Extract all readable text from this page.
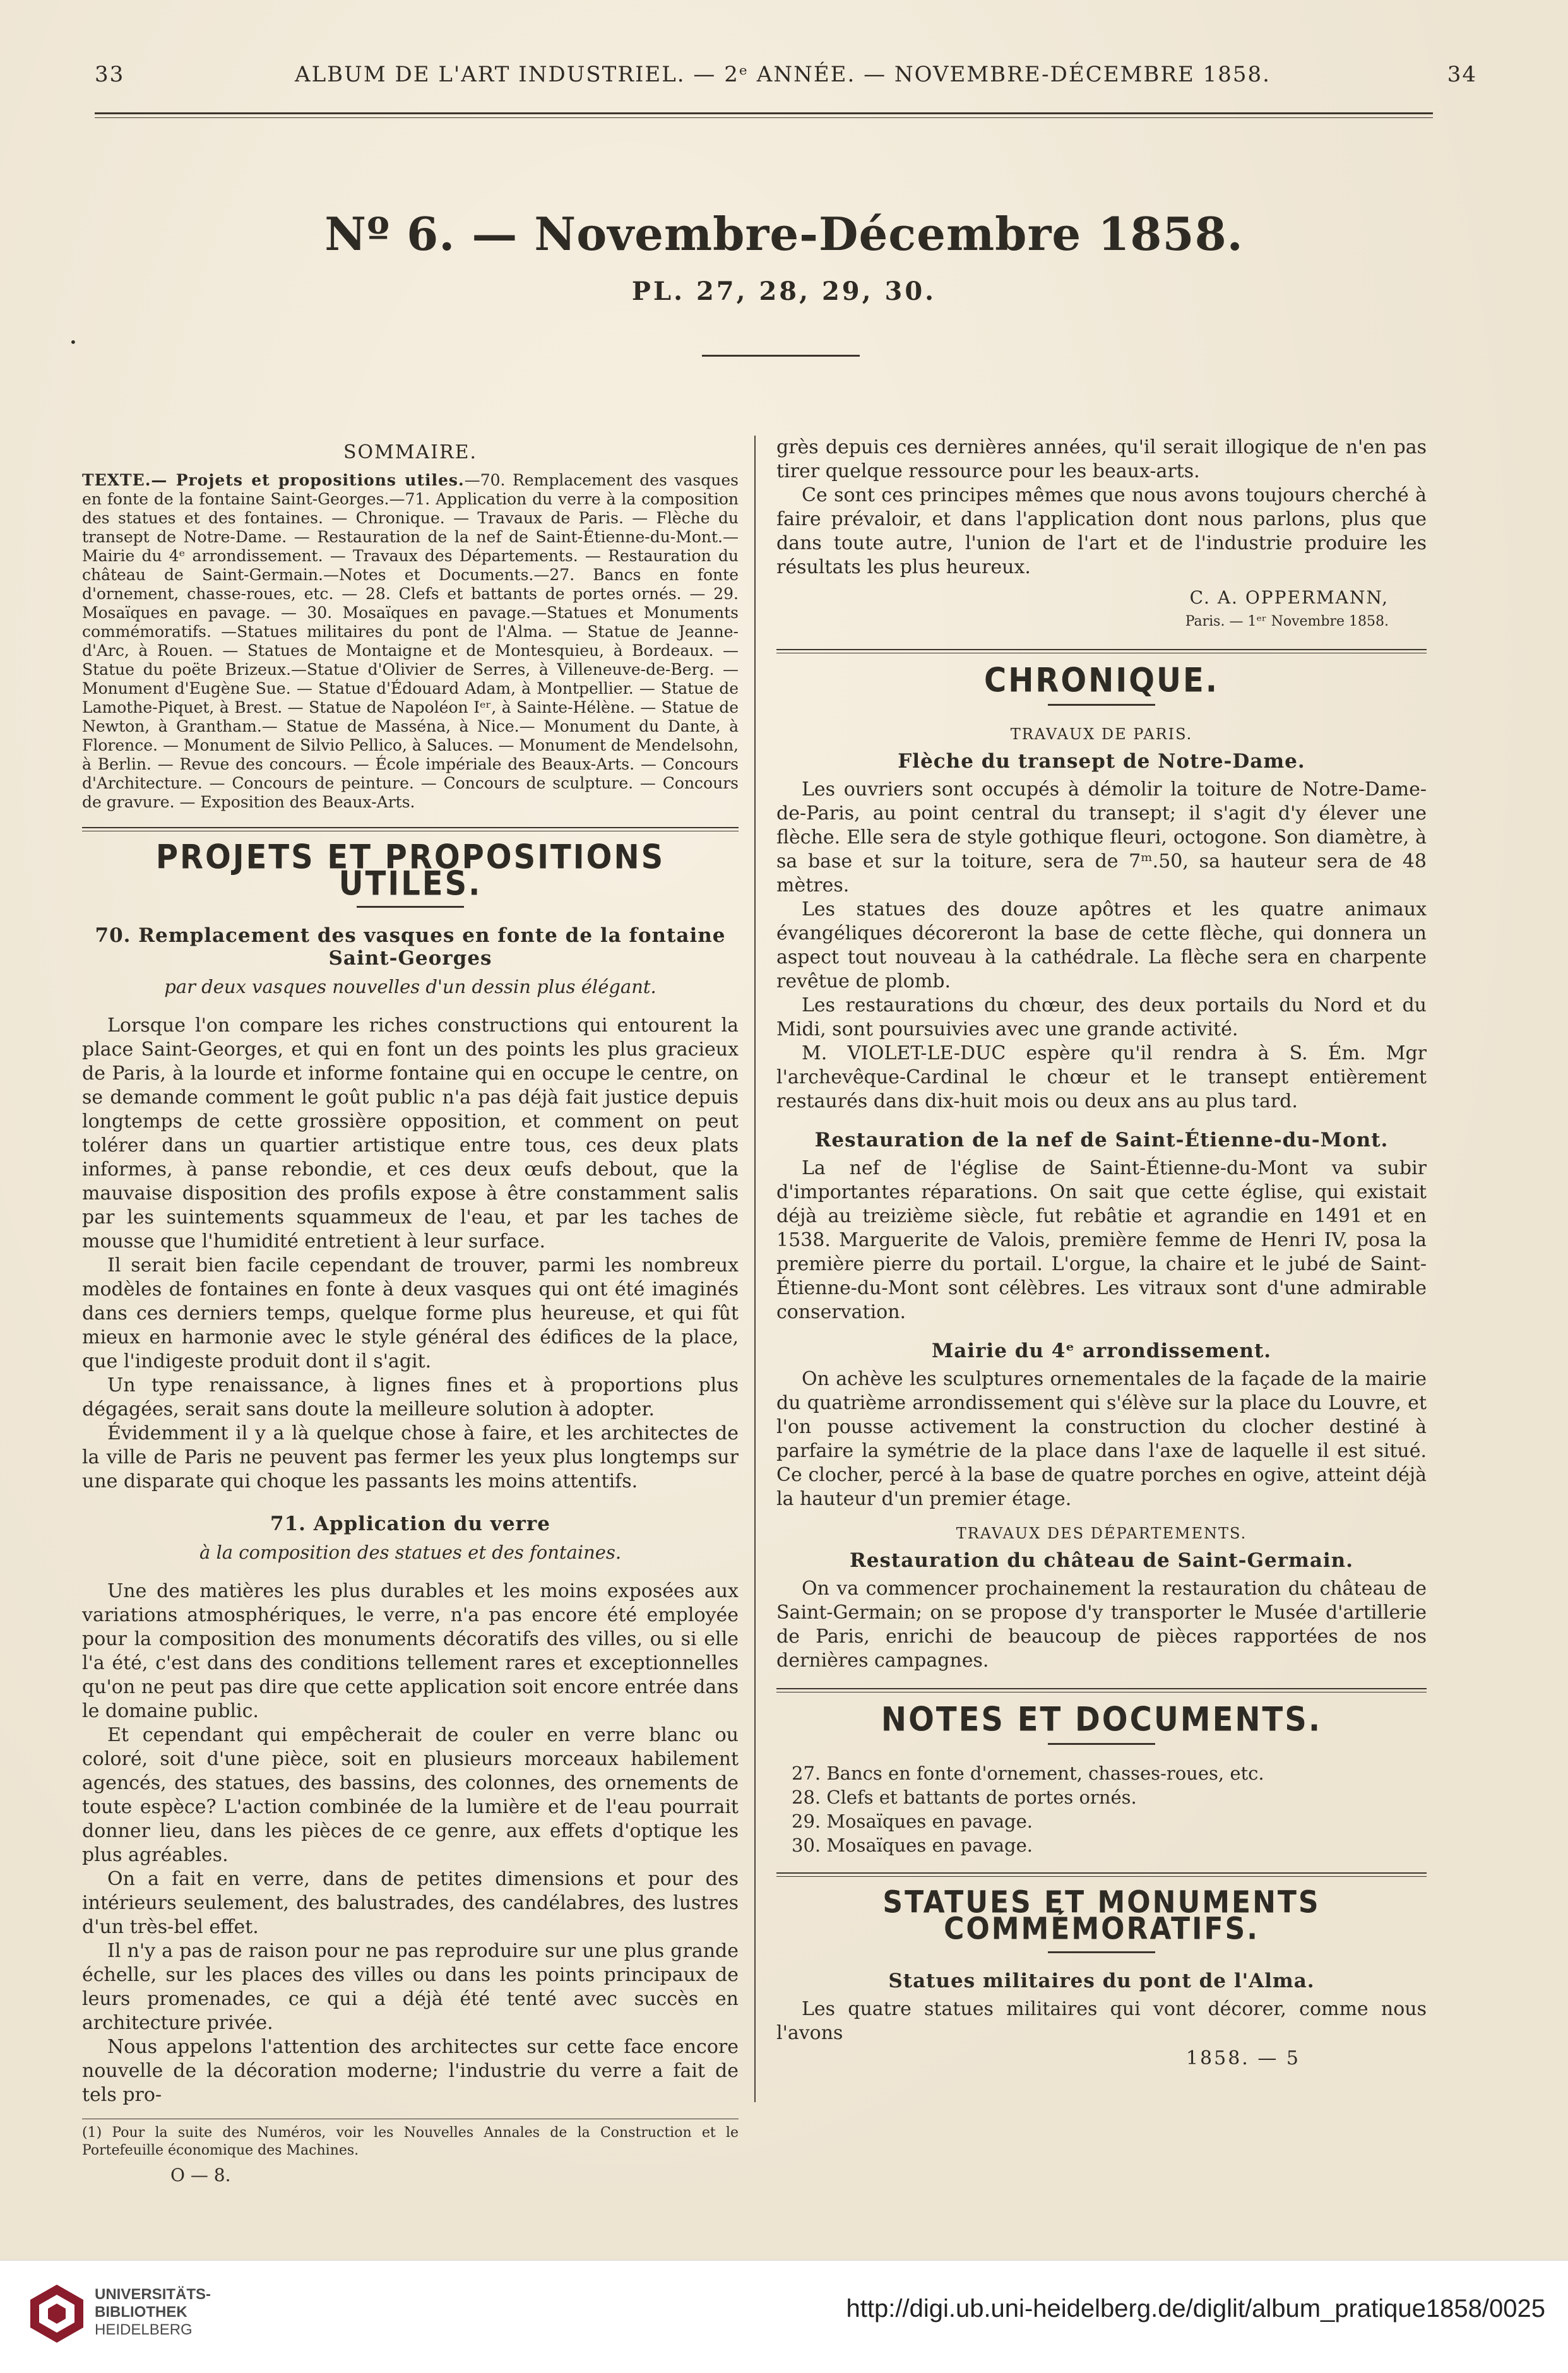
33	ALBUM DE L'ART INDUSTRIEL. — 2ᵉ ANNÉE. — NOVEMBRE-DÉCEMBRE 1858.	34
Nº 6. — Novembre-Décembre 1858.
PL. 27, 28, 29, 30.
•
SOMMAIRE.
TEXTE.— Projets et propositions utiles.—70. Remplacement des vasques en fonte de la fontaine Saint-Georges.—71. Application du verre à la composition des statues et des fontaines. — Chronique. — Travaux de Paris. — Flèche du transept de Notre-Dame. — Restauration de la nef de Saint-Étienne-du-Mont.—Mairie du 4ᵉ arrondissement. — Travaux des Départements. — Restauration du château de Saint-Germain.—Notes et Documents.—27. Bancs en fonte d'ornement, chasse-roues, etc. — 28. Clefs et battants de portes ornés. — 29. Mosaïques en pavage. — 30. Mosaïques en pavage.—Statues et Monuments commémoratifs. —Statues militaires du pont de l'Alma. — Statue de Jeanne-d'Arc, à Rouen. — Statues de Montaigne et de Montesquieu, à Bordeaux. — Statue du poëte Brizeux.—Statue d'Olivier de Serres, à Villeneuve-de-Berg. — Monument d'Eugène Sue. — Statue d'Édouard Adam, à Montpellier. — Statue de Lamothe-Piquet, à Brest. — Statue de Napoléon Iᵉʳ, à Sainte-Hélène. — Statue de Newton, à Grantham.— Statue de Masséna, à Nice.— Monument du Dante, à Florence. — Monument de Silvio Pellico, à Saluces. — Monument de Mendelsohn, à Berlin. — Revue des concours. — École impériale des Beaux-Arts. — Concours d'Architecture. — Concours de peinture. — Concours de sculpture. — Concours de gravure. — Exposition des Beaux-Arts.
PROJETS ET PROPOSITIONS UTILES.
70. Remplacement des vasques en fonte de la fontaine Saint-Georges
par deux vasques nouvelles d'un dessin plus élégant.

Lorsque l'on compare les riches constructions qui entourent la place Saint-Georges, et qui en font un des points les plus gracieux de Paris, à la lourde et informe fontaine qui en occupe le centre, on se demande comment le goût public n'a pas déjà fait justice depuis longtemps de cette grossière opposition, et comment on peut tolérer dans un quartier artistique entre tous, ces deux plats informes, à panse rebondie, et ces deux œufs debout, que la mauvaise disposition des profils expose à être constamment salis par les suintements squammeux de l'eau, et par les taches de mousse que l'humidité entretient à leur surface.

Il serait bien facile cependant de trouver, parmi les nombreux modèles de fontaines en fonte à deux vasques qui ont été imaginés dans ces derniers temps, quelque forme plus heureuse, et qui fût mieux en harmonie avec le style général des édifices de la place, que l'indigeste produit dont il s'agit.

Un type renaissance, à lignes fines et à proportions plus dégagées, serait sans doute la meilleure solution à adopter.

Évidemment il y a là quelque chose à faire, et les architectes de la ville de Paris ne peuvent pas fermer les yeux plus longtemps sur une disparate qui choque les passants les moins attentifs.

71. Application du verre
à la composition des statues et des fontaines.

Une des matières les plus durables et les moins exposées aux variations atmosphériques, le verre, n'a pas encore été employée pour la composition des monuments décoratifs des villes, ou si elle l'a été, c'est dans des conditions tellement rares et exceptionnelles qu'on ne peut pas dire que cette application soit encore entrée dans le domaine public.

Et cependant qui empêcherait de couler en verre blanc ou coloré, soit d'une pièce, soit en plusieurs morceaux habilement agencés, des statues, des bassins, des colonnes, des ornements de toute espèce? L'action combinée de la lumière et de l'eau pourrait donner lieu, dans les pièces de ce genre, aux effets d'optique les plus agréables.

On a fait en verre, dans de petites dimensions et pour des intérieurs seulement, des balustrades, des candélabres, des lustres d'un très-bel effet.

Il n'y a pas de raison pour ne pas reproduire sur une plus grande échelle, sur les places des villes ou dans les points principaux de leurs promenades, ce qui a déjà été tenté avec succès en architecture privée.

Nous appelons l'attention des architectes sur cette face encore nouvelle de la décoration moderne; l'industrie du verre a fait de tels pro-

(1) Pour la suite des Numéros, voir les Nouvelles Annales de la Construction et le Portefeuille économique des Machines.
O — 8.

grès depuis ces dernières années, qu'il serait illogique de n'en pas tirer quelque ressource pour les beaux-arts.

Ce sont ces principes mêmes que nous avons toujours cherché à faire prévaloir, et dans l'application dont nous parlons, plus que dans toute autre, l'union de l'art et de l'industrie produire les résultats les plus heureux.

C. A. OPPERMANN,
Paris. — 1ᵉʳ Novembre 1858.
CHRONIQUE.
TRAVAUX DE PARIS.
Flèche du transept de Notre-Dame.

Les ouvriers sont occupés à démolir la toiture de Notre-Dame-de-Paris, au point central du transept; il s'agit d'y élever une flèche. Elle sera de style gothique fleuri, octogone. Son diamètre, à sa base et sur la toiture, sera de 7ᵐ.50, sa hauteur sera de 48 mètres.

Les statues des douze apôtres et les quatre animaux évangéliques décoreront la base de cette flèche, qui donnera un aspect tout nouveau à la cathédrale. La flèche sera en charpente revêtue de plomb.

Les restaurations du chœur, des deux portails du Nord et du Midi, sont poursuivies avec une grande activité.

M. VIOLET-LE-DUC espère qu'il rendra à S. Ém. Mgr l'archevêque-Cardinal le chœur et le transept entièrement restaurés dans dix-huit mois ou deux ans au plus tard.

Restauration de la nef de Saint-Étienne-du-Mont.

La nef de l'église de Saint-Étienne-du-Mont va subir d'importantes réparations. On sait que cette église, qui existait déjà au treizième siècle, fut rebâtie et agrandie en 1491 et en 1538. Marguerite de Valois, première femme de Henri IV, posa la première pierre du portail. L'orgue, la chaire et le jubé de Saint-Étienne-du-Mont sont célèbres. Les vitraux sont d'une admirable conservation.

Mairie du 4ᵉ arrondissement.

On achève les sculptures ornementales de la façade de la mairie du quatrième arrondissement qui s'élève sur la place du Louvre, et l'on pousse activement la construction du clocher destiné à parfaire la symétrie de la place dans l'axe de laquelle il est situé. Ce clocher, percé à la base de quatre porches en ogive, atteint déjà la hauteur d'un premier étage.

TRAVAUX DES DÉPARTEMENTS.
Restauration du château de Saint-Germain.

On va commencer prochainement la restauration du château de Saint-Germain; on se propose d'y transporter le Musée d'artillerie de Paris, enrichi de beaucoup de pièces rapportées de nos dernières campagnes.

NOTES ET DOCUMENTS.

27. Bancs en fonte d'ornement, chasses-roues, etc.

28. Clefs et battants de portes ornés.

29. Mosaïques en pavage.

30. Mosaïques en pavage.

STATUES ET MONUMENTS COMMÉMORATIFS.
Statues militaires du pont de l'Alma.

Les quatre statues militaires qui vont décorer, comme nous l'avons

1858. — 5
UNIVERSITÄTS-
BIBLIOTHEK
HEIDELBERG
http://digi.ub.uni-heidelberg.de/diglit/album_pratique1858/0025
